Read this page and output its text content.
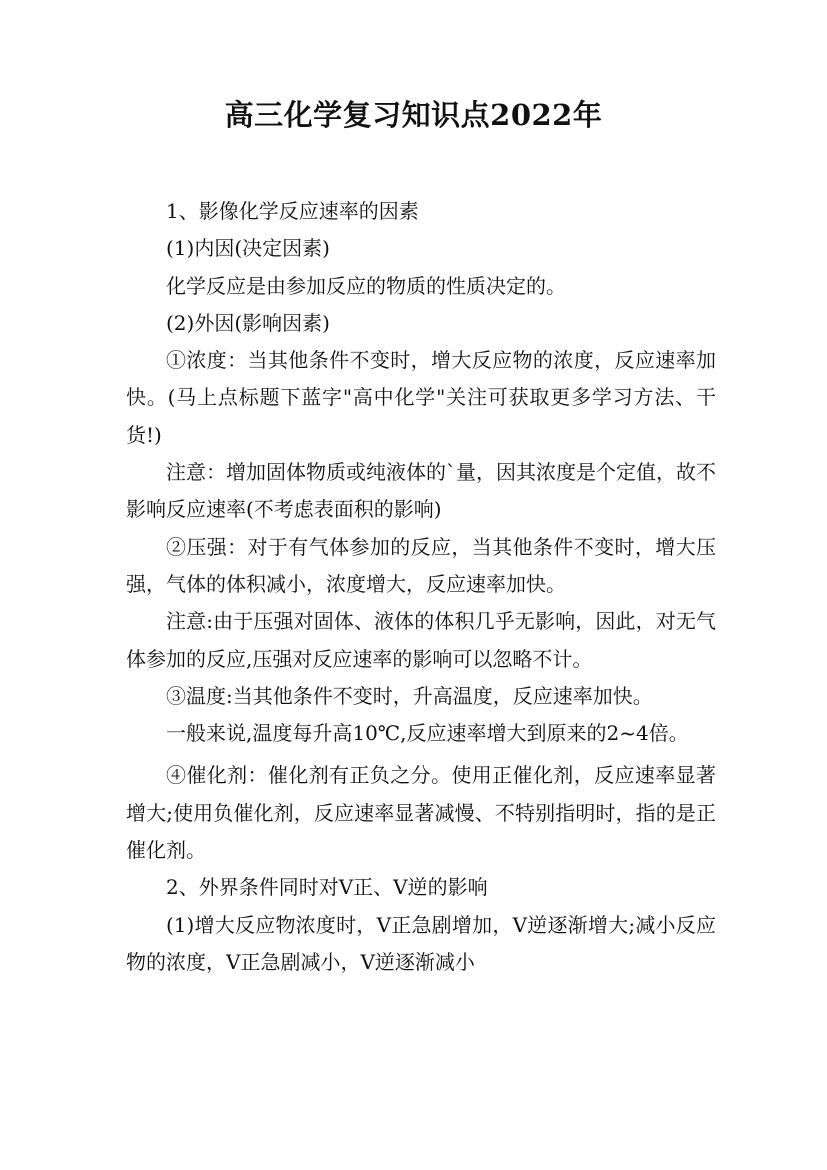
高三化学复习知识点2022年

1、影像化学反应速率的因素

(1)内因(决定因素)

化学反应是由参加反应的物质的性质决定的。

(2)外因(影响因素)

①浓度：当其他条件不变时，增大反应物的浓度，反应速率加快。(马上点标题下蓝字"高中化学"关注可获取更多学习方法、干货!)

注意：增加固体物质或纯液体的`量，因其浓度是个定值，故不影响反应速率(不考虑表面积的影响)

②压强：对于有气体参加的反应，当其他条件不变时，增大压强，气体的体积减小，浓度增大，反应速率加快。

注意:由于压强对固体、液体的体积几乎无影响，因此，对无气体参加的反应,压强对反应速率的影响可以忽略不计。

③温度:当其他条件不变时，升高温度，反应速率加快。

一般来说,温度每升高10℃,反应速率增大到原来的2~4倍。

④催化剂：催化剂有正负之分。使用正催化剂，反应速率显著增大;使用负催化剂，反应速率显著减慢、不特别指明时，指的是正催化剂。

2、外界条件同时对V正、V逆的影响

(1)增大反应物浓度时，V正急剧增加，V逆逐渐增大;减小反应物的浓度，V正急剧减小，V逆逐渐减小
